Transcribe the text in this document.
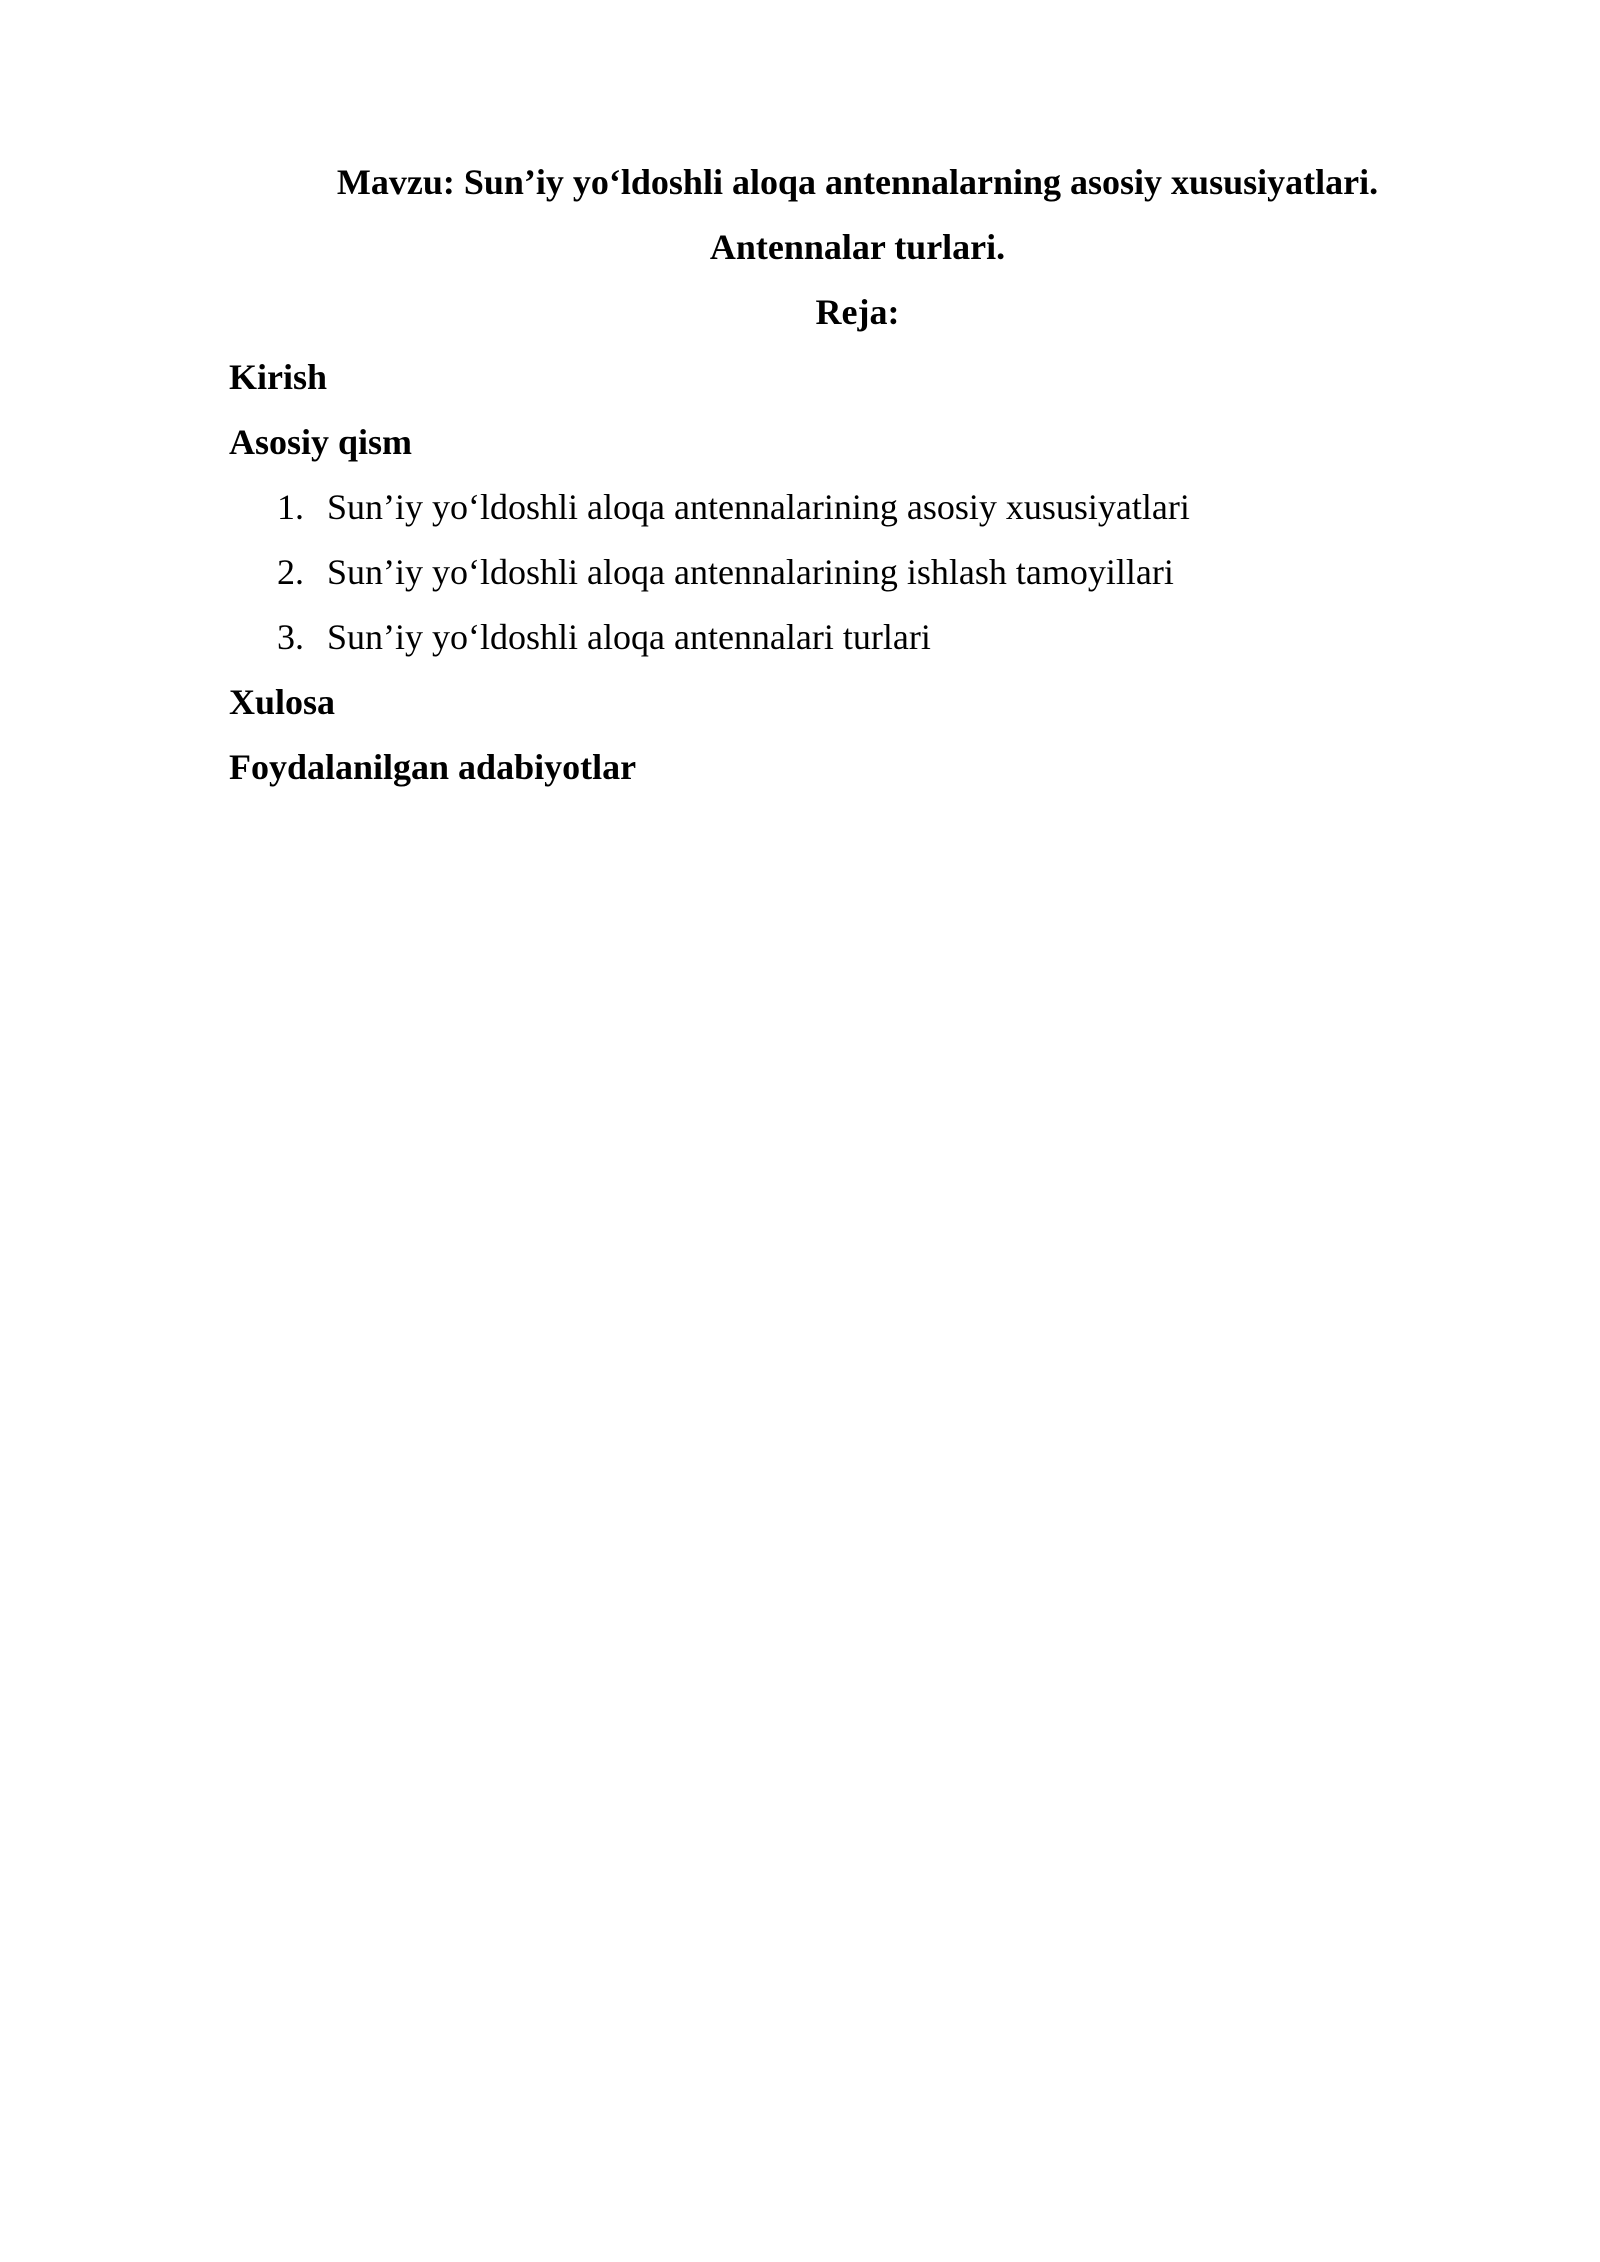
Mavzu: Sun’iy yo‘ldoshli aloqa antennalarning asosiy xususiyatlari.

Antennalar turlari.

Reja:

Kirish

Asosiy qism

1. Sun’iy yo‘ldoshli aloqa antennalarining asosiy xususiyatlari
2. Sun’iy yo‘ldoshli aloqa antennalarining ishlash tamoyillari
3. Sun’iy yo‘ldoshli aloqa antennalari turlari

Xulosa

Foydalanilgan adabiyotlar
